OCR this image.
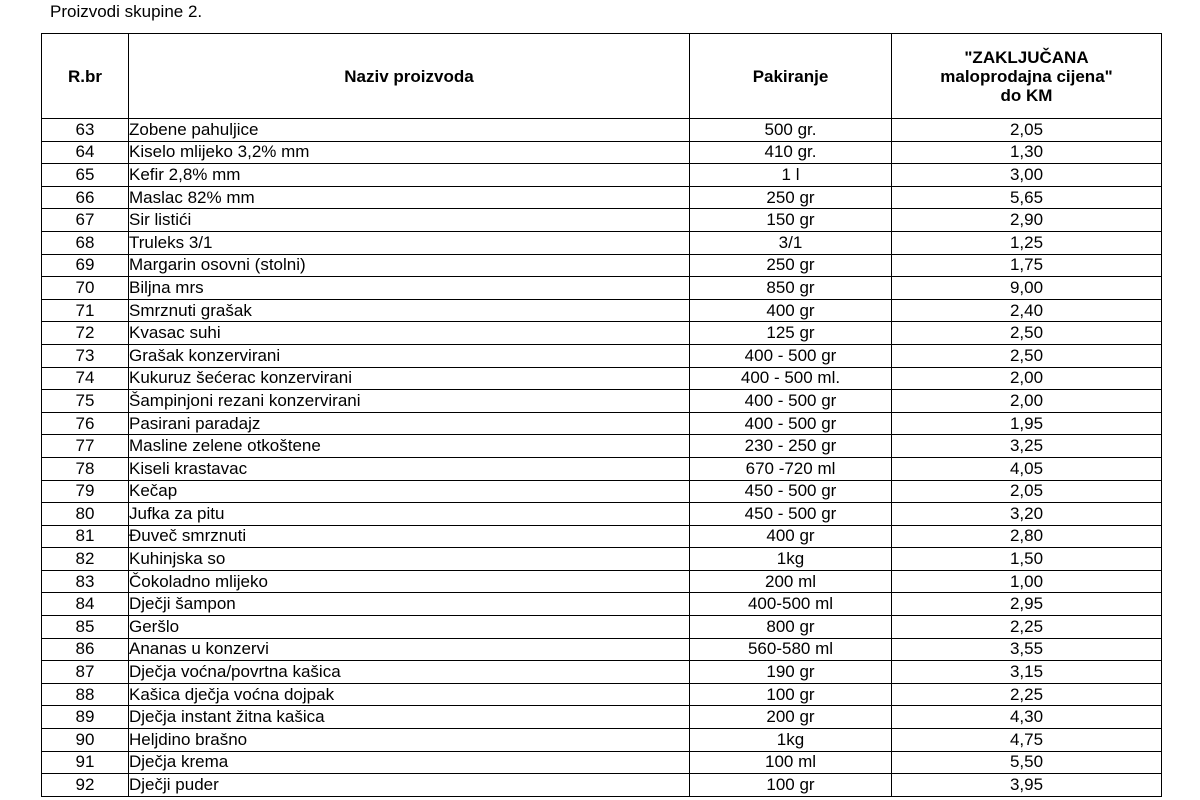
Proizvodi skupine 2.
R.br	Naziv proizvoda	Pakiranje	"ZAKLJUČANA
maloprodajna cijena"
do KM

63	Zobene pahuljice	500 gr.	2,05
64	Kiselo mlijeko 3,2% mm	410 gr.	1,30
65	Kefir 2,8% mm	1 l	3,00
66	Maslac 82% mm	250 gr	5,65
67	Sir listići	150 gr	2,90
68	Truleks 3/1	3/1	1,25
69	Margarin osovni (stolni)	250 gr	1,75
70	Biljna mrs	850 gr	9,00
71	Smrznuti grašak	400 gr	2,40
72	Kvasac suhi	125 gr	2,50
73	Grašak konzervirani	400 - 500 gr	2,50
74	Kukuruz šećerac konzervirani	400 - 500 ml.	2,00
75	Šampinjoni rezani konzervirani	400 - 500 gr	2,00
76	Pasirani paradajz	400 - 500 gr	1,95
77	Masline zelene otkoštene	230 - 250 gr	3,25
78	Kiseli krastavac	670 -720 ml	4,05
79	Kečap	450 - 500 gr	2,05
80	Jufka za pitu	450 - 500 gr	3,20
81	Đuveč smrznuti	400 gr	2,80
82	Kuhinjska so	1kg	1,50
83	Čokoladno mlijeko	200 ml	1,00
84	Dječji šampon	400-500 ml	2,95
85	Geršlo	800 gr	2,25
86	Ananas u konzervi	560-580 ml	3,55
87	Dječja voćna/povrtna kašica	190 gr	3,15
88	Kašica dječja voćna dojpak	100 gr	2,25
89	Dječja instant žitna kašica	200 gr	4,30
90	Heljdino brašno	1kg	4,75
91	Dječja krema	100 ml	5,50
92	Dječji puder	100 gr	3,95
